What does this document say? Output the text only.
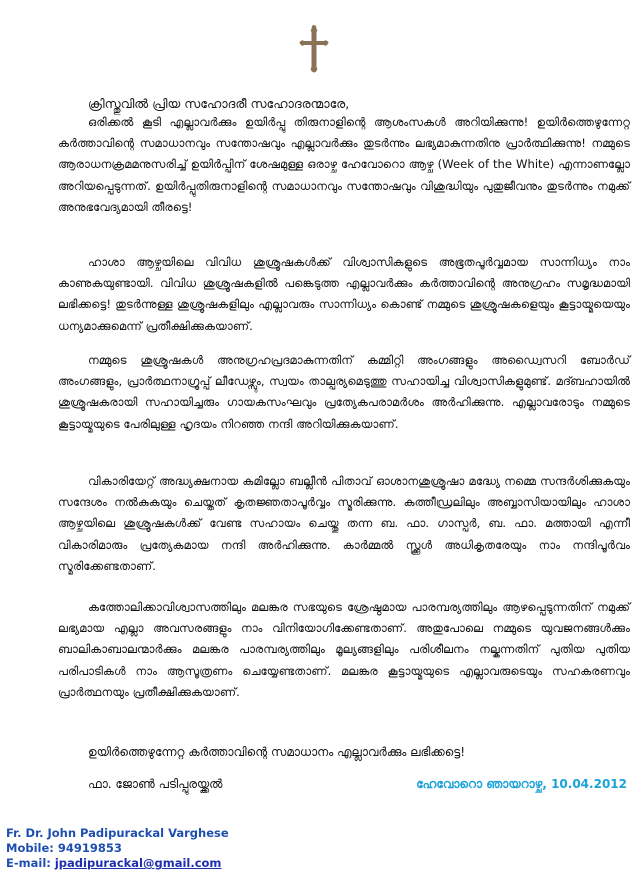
ക്രിസ്തുവിൽ പ്രിയ സഹോദരീ സഹോദരന്മാരേ,

ഒരിക്കൽ കൂടി എല്ലാവർക്കും ഉയിർപ്പു തിരുനാളിന്റെ ആശംസകൾ അറിയിക്കുന്നു! ഉയിർത്തെഴുന്നേറ്റ കർത്താവിന്റെ സമാധാനവും സന്തോഷവും എല്ലാവർക്കും തുടർന്നും ലഭ്യമാകുന്നതിനു പ്രാർത്ഥിക്കുന്നു! നമ്മുടെ ആരാധനക്രമമനുസരിച്ച് ഉയിർപ്പിന് ശേഷമുള്ള ഒരാഴ്ച ഹേവോറൊ ആഴ്ച (Week of the White) എന്നാണല്ലോ അറിയപ്പെടുന്നത്. ഉയിർപ്പുതിരുനാളിന്റെ സമാധാനവും സന്തോഷവും വിശുദ്ധിയും പുതുജീവനും തുടർന്നും നമുക്ക് അനുഭവേദ്യമായി തീരട്ടെ!

ഹാശാ ആഴ്ചയിലെ വിവിധ ശുശ്രൂഷകൾക്ക് വിശ്വാസികളുടെ അഭൂതപൂർവ്വമായ സാന്നിധ്യം നാം കാണുകയുണ്ടായി. വിവിധ ശുശ്രൂഷകളിൽ പങ്കെടുത്ത എല്ലാവർക്കും കർത്താവിന്റെ അനുഗ്രഹം സമൃദ്ധമായി ലഭിക്കട്ടെ! തുടർന്നുള്ള ശുശ്രൂഷകളിലും എല്ലാവരും സാന്നിധ്യം കൊണ്ട് നമ്മുടെ ശുശ്രൂഷകളെയും കൂട്ടായ്മയെയും ധന്യമാക്കുമെന്ന് പ്രതീക്ഷിക്കുകയാണ്.

നമ്മുടെ ശുശ്രൂഷകൾ അനുഗ്രഹപ്രദമാകുന്നതിന് കമ്മിറ്റി അംഗങ്ങളും അഡ്വൈസറി ബോർഡ് അംഗങ്ങളും, പ്രാർത്ഥനാഗ്രൂപ്പ് ലീഡേഴ്സും, സ്വയം താല്പര്യമെടുത്തു സഹായിച്ച വിശ്വാസികളുമുണ്ട്. മദ്ബഹായിൽ ശുശ്രൂഷകരായി സഹായിച്ചരും ഗായകസംഘവും പ്രത്യേകപരാമർശം അർഹിക്കുന്നു. എല്ലാവരോടും നമ്മുടെ കൂട്ടായ്മയുടെ പേരിലുള്ള ഹൃദയം നിറഞ്ഞ നന്ദി അറിയിക്കുകയാണ്.

വികാരിയേറ്റ് അദ്ധ്യക്ഷനായ കമില്ലോ ബല്ലീൻ പിതാവ് ഓശാനശുശ്രൂഷാ മദ്ധ്യേ നമ്മെ സന്ദർശിക്കുകയും സന്ദേശം നൽകുകയും ചെയ്തത് കൃതജ്ഞതാപൂർവ്വം സ്മരിക്കുന്നു. കത്തീഡ്രലിലും അബ്ബാസിയായിലും ഹാശാ ആഴ്ചയിലെ ശുശ്രൂഷകൾക്ക് വേണ്ട സഹായം ചെയ്തു തന്ന ബ. ഫാ. ഗാസ്പർ, ബ. ഫാ. മത്തായി എന്നീ വികാരിമാരും പ്രത്യേകമായ നന്ദി അർഹിക്കുന്നു. കാർമ്മൽ സ്ക്കൂൾ അധികൃതരേയും നാം നന്ദിപൂർവം സ്മരിക്കേണ്ടതാണ്.

കത്തോലിക്കാവിശ്വാസത്തിലും മലങ്കര സഭയുടെ ശ്രേഷ്ഠമായ പാരമ്പര്യത്തിലും ആഴപ്പെടുന്നതിന് നമുക്ക് ലഭ്യമായ എല്ലാ അവസരങ്ങളും നാം വിനിയോഗിക്കേണ്ടതാണ്. അതുപോലെ നമ്മുടെ യുവജനങ്ങൾക്കും ബാലികാബാലന്മാർക്കും മലങ്കര പാരമ്പര്യത്തിലും മൂല്യങ്ങളിലും പരിശീലനം നല്കുന്നതിന് പുതിയ പുതിയ പരിപാടികൾ നാം ആസൂത്രണം ചെയ്യേണ്ടതാണ്. മലങ്കര കൂട്ടായ്മയുടെ എല്ലാവരുടെയും സഹകരണവും പ്രാർത്ഥനയും പ്രതീക്ഷിക്കുകയാണ്.

ഉയിർത്തെഴുന്നേറ്റ കർത്താവിന്റെ സമാധാനം എല്ലാവർക്കും ലഭിക്കട്ടെ!
ഫാ. ജോൺ പടിപ്പുരയ്ക്കൽ	ഹേവോറൊ ഞായറാഴ്ച, 10.04.2012
Fr. Dr. John Padipurackal Varghese
Mobile: 94919853
E-mail: jpadipurackal@gmail.com
